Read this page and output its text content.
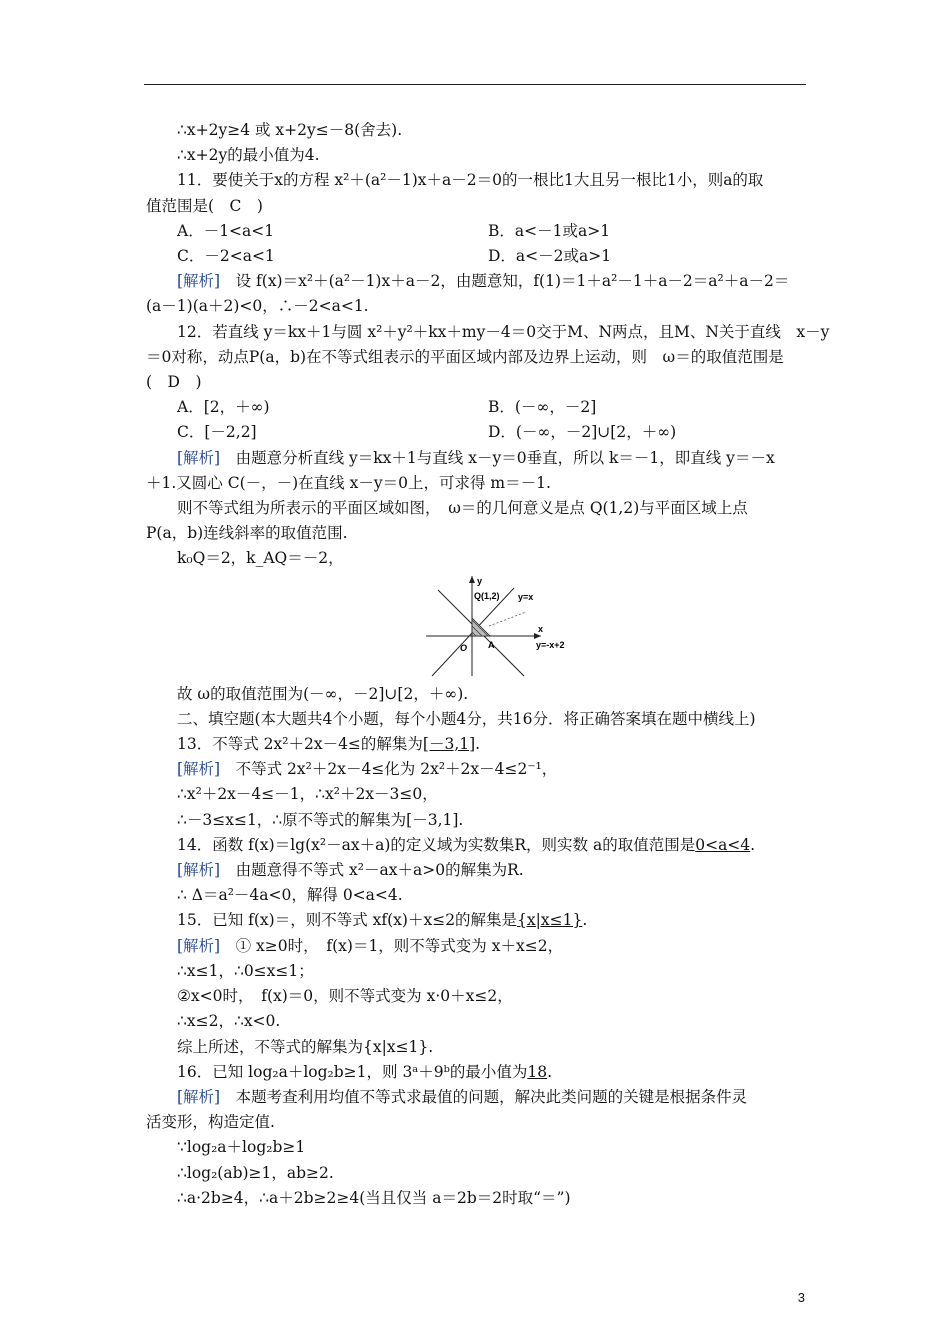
∴x+2y≥4 或 x+2y≤－8(舍去).
∴x+2y的最小值为4.
11．要使关于x的方程 x²＋(a²－1)x＋a－2＝0的一根比1大且另一根比1小，则a的取
值范围是(　C　)
A．－1<a<1	B．a<－1或a>1
C．－2<a<1	D．a<－2或a>1
[解析]　设 f(x)＝x²＋(a²－1)x＋a－2，由题意知，f(1)＝1＋a²－1＋a－2＝a²＋a－2＝
(a－1)(a＋2)<0，∴－2<a<1.
12．若直线 y＝kx＋1与圆 x²＋y²＋kx＋my－4＝0交于M、N两点，且M、N关于直线　x－y
＝0对称，动点P(a，b)在不等式组表示的平面区域内部及边界上运动，则　ω＝的取值范围是
(　D　)
A．[2，＋∞)	B．(－∞，－2]
C．[－2,2]	D．(－∞，－2]∪[2，＋∞)
[解析]　由题意分析直线 y＝kx＋1与直线 x－y＝0垂直，所以 k＝－1，即直线 y＝－x
＋1.又圆心 C(－，－)在直线 x－y＝0上，可求得 m＝－1.
则不等式组为所表示的平面区域如图，　ω＝的几何意义是点 Q(1,2)与平面区域上点
P(a，b)连线斜率的取值范围.
k₀Q＝2，k_AQ＝－2，
y
x
Q(1,2) y=x
y=-x+2
O A
故 ω的取值范围为(－∞，－2]∪[2，＋∞).
二、填空题(本大题共4个小题，每个小题4分，共16分．将正确答案填在题中横线上)
13．不等式 2x²＋2x－4≤的解集为[－3,1].
[解析]　不等式 2x²＋2x－4≤化为 2x²＋2x－4≤2⁻¹，
∴x²＋2x－4≤－1，∴x²＋2x－3≤0，
∴－3≤x≤1，∴原不等式的解集为[－3,1].
14．函数 f(x)＝lg(x²－ax＋a)的定义域为实数集R，则实数 a的取值范围是0<a<4.
[解析]　由题意得不等式 x²－ax＋a>0的解集为R.
∴ Δ＝a²－4a<0，解得 0<a<4.
15．已知 f(x)＝，则不等式 xf(x)＋x≤2的解集是{x|x≤1}.
[解析]　① x≥0时，　f(x)＝1，则不等式变为 x＋x≤2，
∴x≤1，∴0≤x≤1；
②x<0时，　f(x)＝0，则不等式变为 x·0＋x≤2，
∴x≤2，∴x<0.
综上所述，不等式的解集为{x|x≤1}.
16．已知 log₂a＋log₂b≥1，则 3ᵃ＋9ᵇ的最小值为18.
[解析]　本题考查利用均值不等式求最值的问题，解决此类问题的关键是根据条件灵
活变形，构造定值.
∵log₂a＋log₂b≥1
∴log₂(ab)≥1，ab≥2.
∴a·2b≥4，∴a＋2b≥2≥4(当且仅当 a＝2b＝2时取“＝”)
3
